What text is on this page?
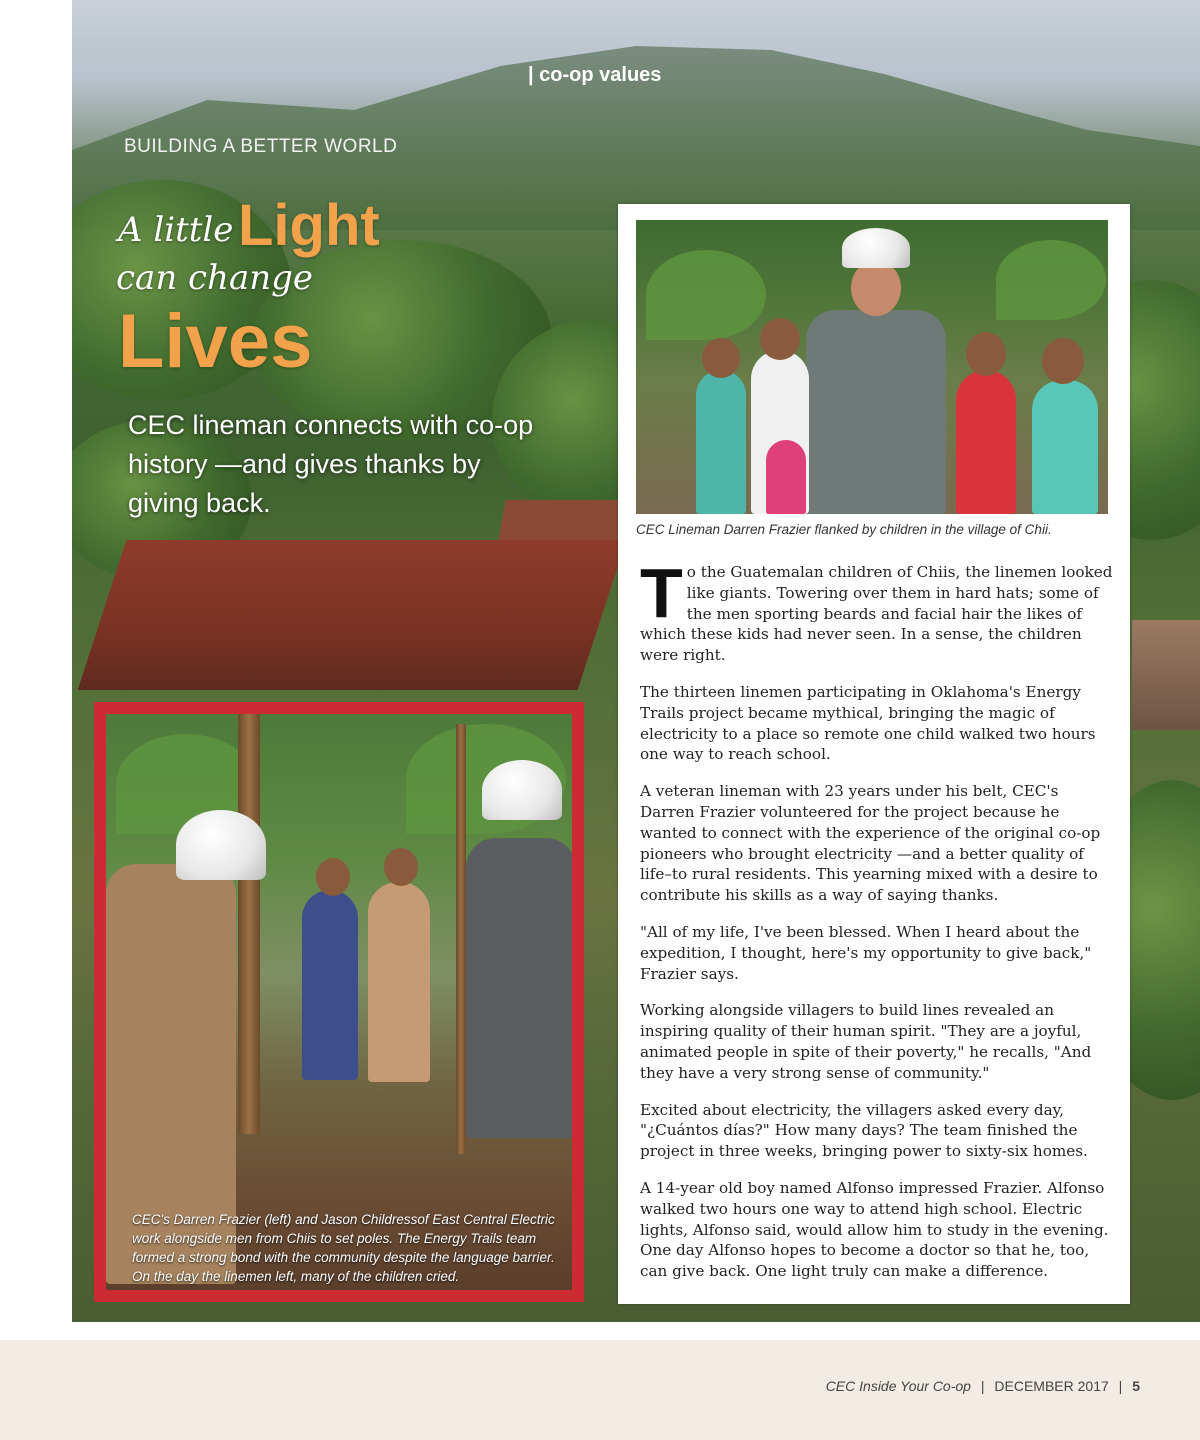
| co-op values
BUILDING A BETTER WORLD
A little Light
can change
Lives
CEC lineman connects with co-op history —and gives thanks by giving back.
CEC Lineman Darren Frazier flanked by children in the village of Chii.

To the Guatemalan children of Chiis, the linemen looked like giants. Towering over them in hard hats; some of the men sporting beards and facial hair the likes of which these kids had never seen. In a sense, the children were right.

The thirteen linemen participating in Oklahoma's Energy Trails project became mythical, bringing the magic of electricity to a place so remote one child walked two hours one way to reach school.

A veteran lineman with 23 years under his belt, CEC's Darren Frazier volunteered for the project because he wanted to connect with the experience of the original co-op pioneers who brought electricity —and a better quality of life–to rural residents. This yearning mixed with a desire to contribute his skills as a way of saying thanks.

"All of my life, I've been blessed. When I heard about the expedition, I thought, here's my opportunity to give back," Frazier says.

Working alongside villagers to build lines revealed an inspiring quality of their human spirit. "They are a joyful, animated people in spite of their poverty," he recalls, "And they have a very strong sense of community."

Excited about electricity, the villagers asked every day, "¿Cuántos días?" How many days? The team finished the project in three weeks, bringing power to sixty-six homes.

A 14-year old boy named Alfonso impressed Frazier. Alfonso walked two hours one way to attend high school. Electric lights, Alfonso said, would allow him to study in the evening. One day Alfonso hopes to become a doctor so that he, too, can give back. One light truly can make a difference.

CEC's Darren Frazier (left) and Jason Childressof East Central Electric work alongside men from Chiis to set poles. The Energy Trails team formed a strong bond with the community despite the language barrier. On the day the linemen left, many of the children cried.
CEC Inside Your Co-op | DECEMBER 2017 | 5
